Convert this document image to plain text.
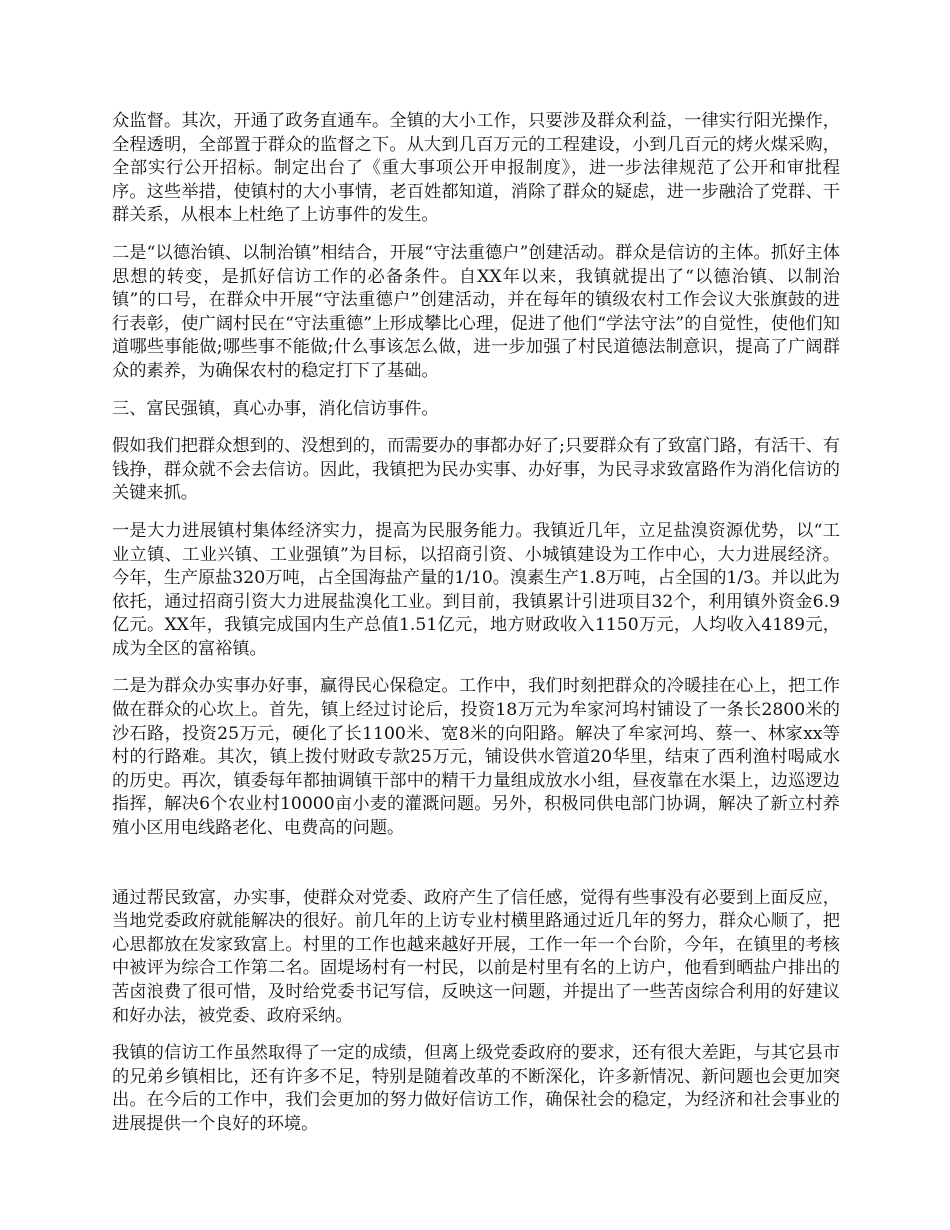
众监督。其次，开通了政务直通车。全镇的大小工作，只要涉及群众利益，一律实行阳光操作，全程透明，全部置于群众的监督之下。从大到几百万元的工程建设，小到几百元的烤火煤采购，全部实行公开招标。制定出台了《重大事项公开申报制度》，进一步法律规范了公开和审批程序。这些举措，使镇村的大小事情，老百姓都知道，消除了群众的疑虑，进一步融洽了党群、干群关系，从根本上杜绝了上访事件的发生。

二是“以德治镇、以制治镇”相结合，开展“守法重德户”创建活动。群众是信访的主体。抓好主体思想的转变，是抓好信访工作的必备条件。自XX年以来，我镇就提出了“以德治镇、以制治镇”的口号，在群众中开展“守法重德户”创建活动，并在每年的镇级农村工作会议大张旗鼓的进行表彰，使广阔村民在“守法重德”上形成攀比心理，促进了他们“学法守法”的自觉性，使他们知道哪些事能做;哪些事不能做;什么事该怎么做，进一步加强了村民道德法制意识，提高了广阔群众的素养，为确保农村的稳定打下了基础。

三、富民强镇，真心办事，消化信访事件。

假如我们把群众想到的、没想到的，而需要办的事都办好了;只要群众有了致富门路，有活干、有钱挣，群众就不会去信访。因此，我镇把为民办实事、办好事，为民寻求致富路作为消化信访的关键来抓。

一是大力进展镇村集体经济实力，提高为民服务能力。我镇近几年，立足盐溴资源优势，以“工业立镇、工业兴镇、工业强镇”为目标，以招商引资、小城镇建设为工作中心，大力进展经济。今年，生产原盐320万吨，占全国海盐产量的1/10。溴素生产1.8万吨，占全国的1/3。并以此为依托，通过招商引资大力进展盐溴化工业。到目前，我镇累计引进项目32个，利用镇外资金6.9亿元。XX年，我镇完成国内生产总值1.51亿元，地方财政收入1150万元，人均收入4189元，成为全区的富裕镇。

二是为群众办实事办好事，赢得民心保稳定。工作中，我们时刻把群众的冷暖挂在心上，把工作做在群众的心坎上。首先，镇上经过讨论后，投资18万元为牟家河坞村铺设了一条长2800米的沙石路，投资25万元，硬化了长1100米、宽8米的向阳路。解决了牟家河坞、蔡一、林家xx等村的行路难。其次，镇上拨付财政专款25万元，铺设供水管道20华里，结束了西利渔村喝咸水的历史。再次，镇委每年都抽调镇干部中的精干力量组成放水小组，昼夜靠在水渠上，边巡逻边指挥，解决6个农业村10000亩小麦的灌溉问题。另外，积极同供电部门协调，解决了新立村养殖小区用电线路老化、电费高的问题。

通过帮民致富，办实事，使群众对党委、政府产生了信任感，觉得有些事没有必要到上面反应，当地党委政府就能解决的很好。前几年的上访专业村横里路通过近几年的努力，群众心顺了，把心思都放在发家致富上。村里的工作也越来越好开展，工作一年一个台阶，今年，在镇里的考核中被评为综合工作第二名。固堤场村有一村民，以前是村里有名的上访户，他看到晒盐户排出的苦卤浪费了很可惜，及时给党委书记写信，反映这一问题，并提出了一些苦卤综合利用的好建议和好办法，被党委、政府采纳。

我镇的信访工作虽然取得了一定的成绩，但离上级党委政府的要求，还有很大差距，与其它县市的兄弟乡镇相比，还有许多不足，特别是随着改革的不断深化，许多新情况、新问题也会更加突出。在今后的工作中，我们会更加的努力做好信访工作，确保社会的稳定，为经济和社会事业的进展提供一个良好的环境。
